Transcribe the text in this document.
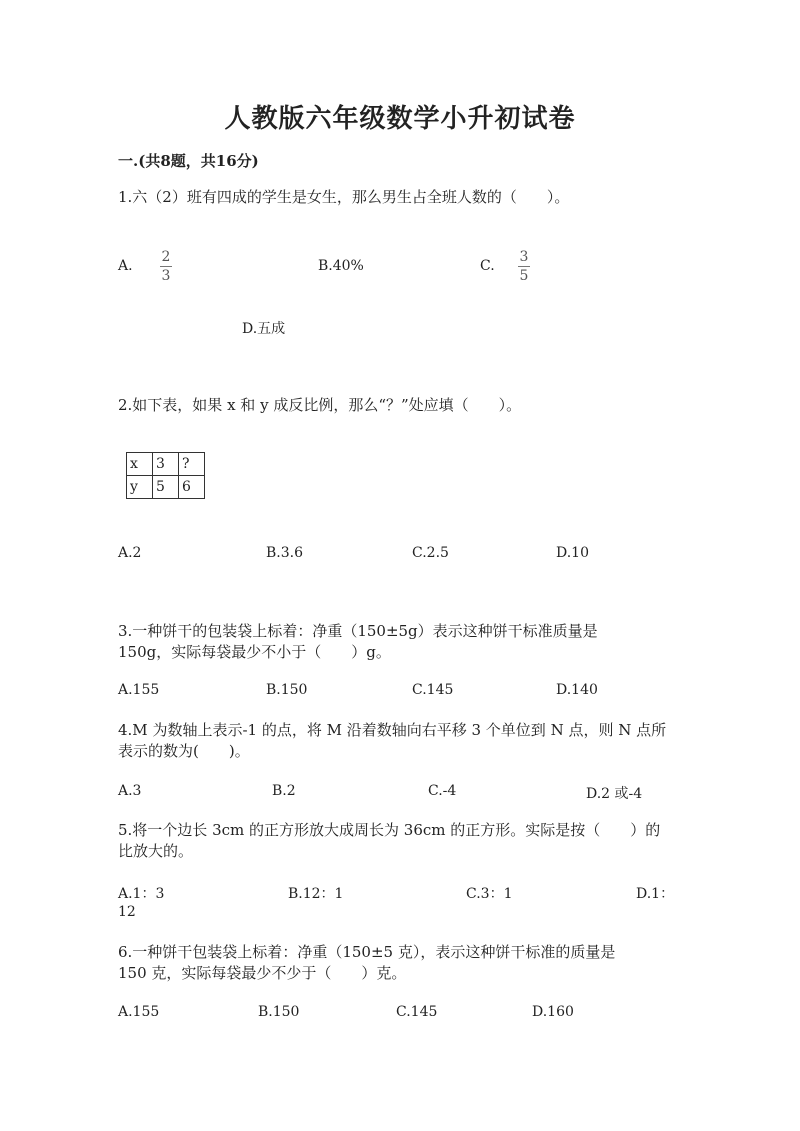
人教版六年级数学小升初试卷
一.(共8题，共16分)
1.六（2）班有四成的学生是女生，那么男生占全班人数的（　　）。
A. $\frac{2}{3}$	B.40%	C. $\frac{3}{5}$
D.五成
2.如下表，如果 x 和 y 成反比例，那么“？”处应填（　　）。
x	3	?
y	5	6
A.2	B.3.6	C.2.5	D.10
3.一种饼干的包装袋上标着：净重（150±5g）表示这种饼干标准质量是
150g，实际每袋最少不小于（　　）g。
A.155	B.150	C.145	D.140
4.M 为数轴上表示-1 的点，将 M 沿着数轴向右平移 3 个单位到 N 点，则 N 点所
表示的数为(　　)。
A.3	B.2	C.-4	D.2 或-4
5.将一个边长 3cm 的正方形放大成周长为 36cm 的正方形。实际是按（　　）的
比放大的。
A.1：3	B.12：1	C.3：1	D.1：
12
6.一种饼干包装袋上标着：净重（150±5 克），表示这种饼干标准的质量是
150 克，实际每袋最少不少于（　　）克。
A.155	B.150	C.145	D.160
